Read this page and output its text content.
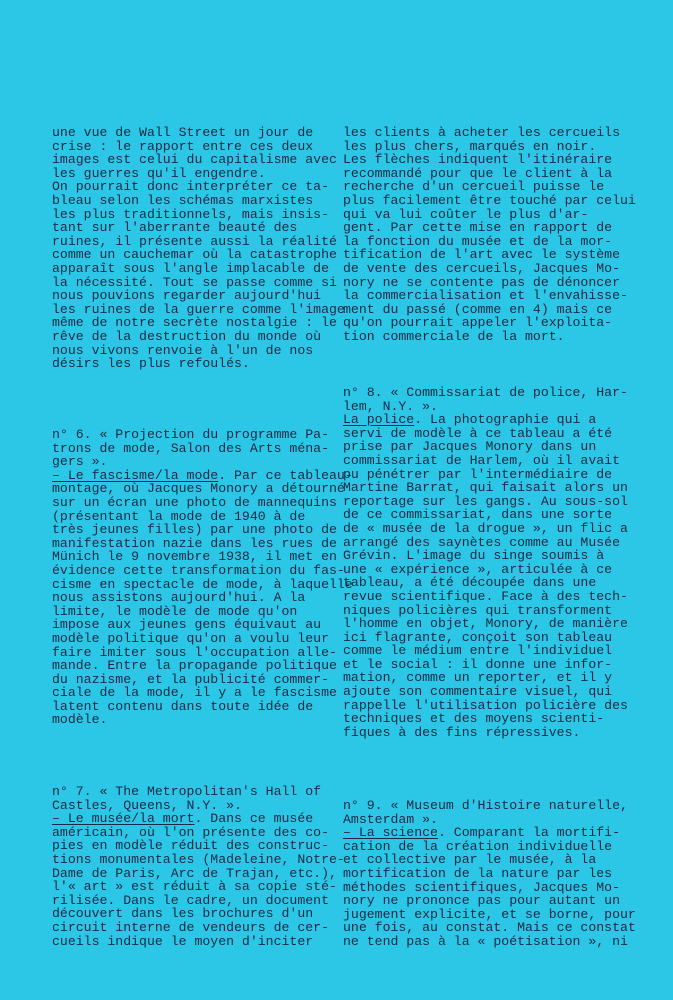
une vue de Wall Street un jour de
crise : le rapport entre ces deux
images est celui du capitalisme avec
les guerres qu'il engendre.
On pourrait donc interpréter ce ta-
bleau selon les schémas marxistes
les plus traditionnels, mais insis-
tant sur l'aberrante beauté des
ruines, il présente aussi la réalité
comme un cauchemar où la catastrophe
apparaît sous l'angle implacable de
la nécessité. Tout se passe comme si
nous pouvions regarder aujourd'hui
les ruines de la guerre comme l'image
même de notre secrète nostalgie : le
rêve de la destruction du monde où
nous vivons renvoie à l'un de nos
désirs les plus refoulés.
n° 6. « Projection du programme Pa-
trons de mode, Salon des Arts ména-
gers ».
– Le fascisme/la mode. Par ce tableau-
montage, où Jacques Monory a détourné
sur un écran une photo de mannequins
(présentant la mode de 1940 à de
très jeunes filles) par une photo de
manifestation nazie dans les rues de
Münich le 9 novembre 1938, il met en
évidence cette transformation du fas-
cisme en spectacle de mode, à laquelle
nous assistons aujourd'hui. A la
limite, le modèle de mode qu'on
impose aux jeunes gens équivaut au
modèle politique qu'on a voulu leur
faire imiter sous l'occupation alle-
mande. Entre la propagande politique
du nazisme, et la publicité commer-
ciale de la mode, il y a le fascisme
latent contenu dans toute idée de
modèle.
n° 7. « The Metropolitan's Hall of
Castles, Queens, N.Y. ».
– Le musée/la mort. Dans ce musée
américain, où l'on présente des co-
pies en modèle réduit des construc-
tions monumentales (Madeleine, Notre-
Dame de Paris, Arc de Trajan, etc.),
l'« art » est réduit à sa copie sté-
rilisée. Dans le cadre, un document
découvert dans les brochures d'un
circuit interne de vendeurs de cer-
cueils indique le moyen d'inciter
les clients à acheter les cercueils
les plus chers, marqués en noir.
Les flèches indiquent l'itinéraire
recommandé pour que le client à la
recherche d'un cercueil puisse le
plus facilement être touché par celui
qui va lui coûter le plus d'ar-
gent. Par cette mise en rapport de
la fonction du musée et de la mor-
tification de l'art avec le système
de vente des cercueils, Jacques Mo-
nory ne se contente pas de dénoncer
la commercialisation et l'envahisse-
ment du passé (comme en 4) mais ce
qu'on pourrait appeler l'exploita-
tion commerciale de la mort.
n° 8. « Commissariat de police, Har-
lem, N.Y. ».
La police. La photographie qui a
servi de modèle à ce tableau a été
prise par Jacques Monory dans un
commissariat de Harlem, où il avait
pu pénétrer par l'intermédiaire de
Martine Barrat, qui faisait alors un
reportage sur les gangs. Au sous-sol
de ce commissariat, dans une sorte
de « musée de la drogue », un flic a
arrangé des saynètes comme au Musée
Grévin. L'image du singe soumis à
une « expérience », articulée à ce
tableau, a été découpée dans une
revue scientifique. Face à des tech-
niques policières qui transforment
l'homme en objet, Monory, de manière
ici flagrante, conçoit son tableau
comme le médium entre l'individuel
et le social : il donne une infor-
mation, comme un reporter, et il y
ajoute son commentaire visuel, qui
rappelle l'utilisation policière des
techniques et des moyens scienti-
fiques à des fins répressives.
n° 9. « Museum d'Histoire naturelle,
Amsterdam ».
– La science. Comparant la mortifi-
cation de la création individuelle
et collective par le musée, à la
mortification de la nature par les
méthodes scientifiques, Jacques Mo-
nory ne prononce pas pour autant un
jugement explicite, et se borne, pour
une fois, au constat. Mais ce constat
ne tend pas à la « poétisation », ni
